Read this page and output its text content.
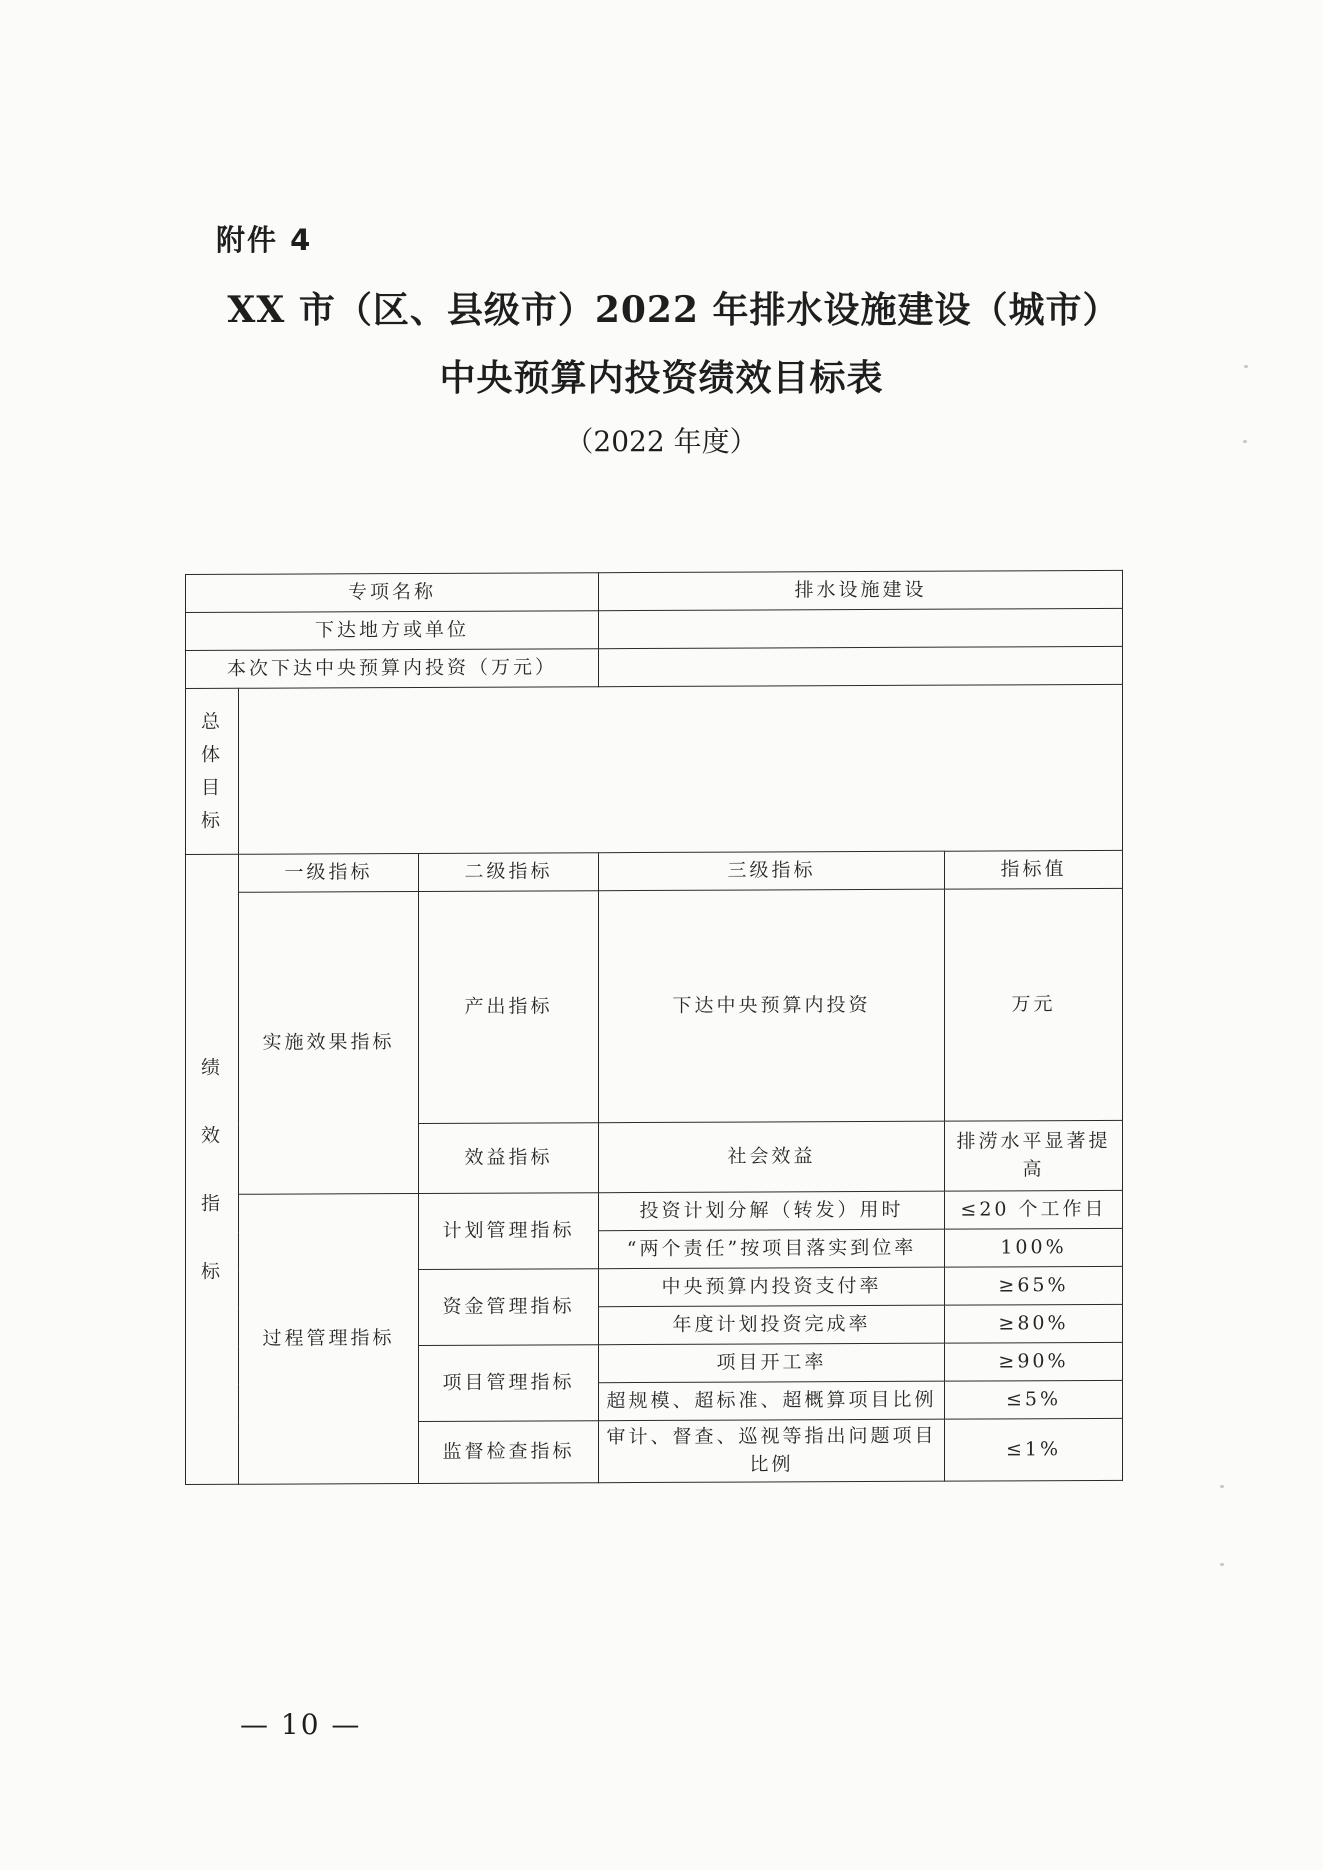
附件 4
XX 市（区、县级市）2022 年排水设施建设（城市）
中央预算内投资绩效目标表
（2022 年度）
专项名称			排水设施建设	
下达地方或单位				
本次下达中央预算内投资（万元）				

总
体
目
标				

绩
效
指
标	一级指标	二级指标	三级指标	指标值
	实施效果指标	产出指标	下达中央预算内投资	万元
		效益指标	社会效益	排涝水平显著提高
	过程管理指标	计划管理指标	投资计划分解（转发）用时	≤20 个工作日
			“两个责任”按项目落实到位率	100%
		资金管理指标	中央预算内投资支付率	≥65%
			年度计划投资完成率	≥80%
		项目管理指标	项目开工率	≥90%
			超规模、超标准、超概算项目比例	≤5%
		监督检查指标	审计、督查、巡视等指出问题项目比例	≤1%
— 10 —
